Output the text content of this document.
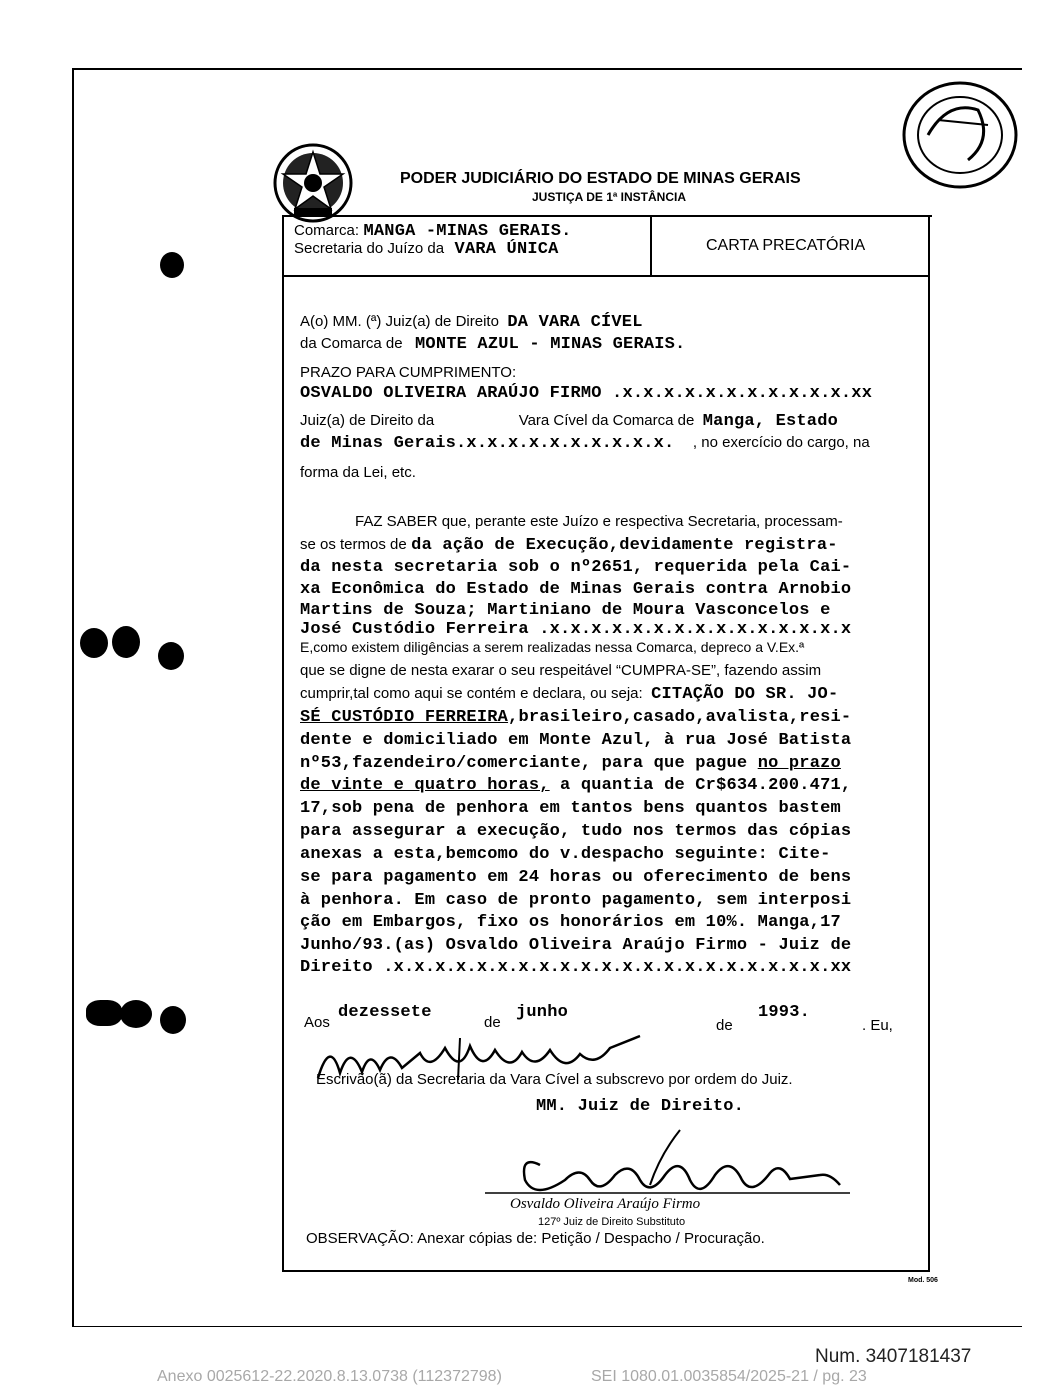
PODER JUDICIÁRIO DO ESTADO DE MINAS GERAIS
JUSTIÇA DE 1ª INSTÂNCIA
Comarca: MANGA -MINAS GERAIS.
Secretaria do Juízo da VARA ÚNICA	CARTA PRECATÓRIA
A(o) MM. (ª) Juiz(a) de Direito DA VARA CÍVEL
da Comarca de MONTE AZUL - MINAS GERAIS.
PRAZO PARA CUMPRIMENTO:
OSVALDO OLIVEIRA ARAÚJO FIRMO .x.x.x.x.x.x.x.x.x.x.x.xx
Juiz(a) de Direito da	Vara Cível da Comarca de Manga, Estado
de Minas Gerais.x.x.x.x.x.x.x.x.x.x. , no exercício do cargo, na
forma da Lei, etc.
FAZ SABER que, perante este Juízo e respectiva Secretaria, processam-
se os termos de da ação de Execução,devidamente registra-
da nesta secretaria sob o nº2651, requerida pela Cai-
xa Econômica do Estado de Minas Gerais contra Arnobio
Martins de Souza; Martiniano de Moura Vasconcelos e
José Custódio Ferreira .x.x.x.x.x.x.x.x.x.x.x.x.x.x.x
E,como existem diligências a serem realizadas nessa Comarca, depreco a V.Ex.ª
que se digne de nesta exarar o seu respeitável “CUMPRA-SE”, fazendo assim
cumprir,tal como aqui se contém e declara, ou seja: CITAÇÃO DO SR. JO-
SÉ CUSTÓDIO FERREIRA,brasileiro,casado,avalista,resi-
dente e domiciliado em Monte Azul, à rua José Batista
nº53,fazendeiro/comerciante, para que pague no prazo
de vinte e quatro horas, a quantia de Cr$634.200.471,
17,sob pena de penhora em tantos bens quantos bastem
para assegurar a execução, tudo nos termos das cópias
anexas a esta,bemcomo do v.despacho seguinte: Cite-
se para pagamento em 24 horas ou oferecimento de bens
à penhora. Em caso de pronto pagamento, sem interposi
ção em Embargos, fixo os honorários em 10%. Manga,17
Junho/93.(as) Osvaldo Oliveira Araújo Firmo - Juiz de
Direito .x.x.x.x.x.x.x.x.x.x.x.x.x.x.x.x.x.x.x.x.x.xx
Aos
dezessete
de
junho
de
1993.
. Eu,
Escrivão(ã) da Secretaria da Vara Cível a subscrevo por ordem do Juiz.
MM. Juiz de Direito.
Osvaldo Oliveira Araújo Firmo
127º Juiz de Direito Substituto
OBSERVAÇÃO: Anexar cópias de: Petição / Despacho / Procuração.
Mod. 506
Num. 3407181437
Anexo 0025612-22.2020.8.13.0738 (112372798)	SEI 1080.01.0035854/2025-21 / pg. 23
